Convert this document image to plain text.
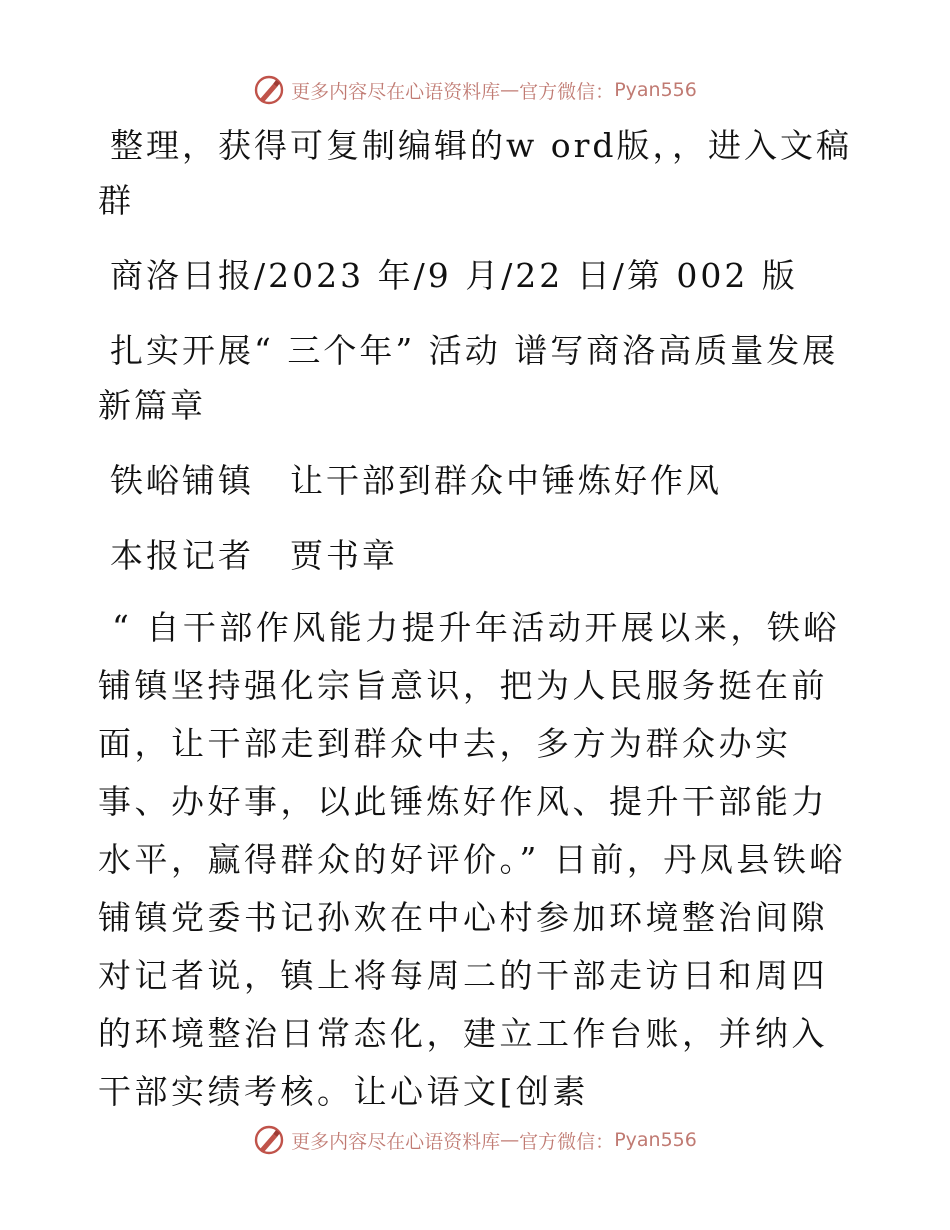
更多内容尽在心语资料库 — 官方微信： Pyan556

整理，获得可复制编辑的w ord版，，进入文稿群

商洛日报/2023 年/9 月/22 日/第 002 版

扎实开展“ 三个年” 活动 谱写商洛高质量发展新篇章

铁峪铺镇　让干部到群众中锤炼好作风

本报记者　贾书章

“ 自干部作风能力提升年活动开展以来，铁峪铺镇坚持强化宗旨意识，把为人民服务挺在前面，让干部走到群众中去，多方为群众办实事、办好事，以此锤炼好作风、提升干部能力水平，赢得群众的好评价。” 日前，丹凤县铁峪铺镇党委书记孙欢在中心村参加环境整治间隙对记者说，镇上将每周二的干部走访日和周四的环境整治日常态化，建立工作台账，并纳入干部实绩考核。让心语文[创素

更多内容尽在心语资料库 — 官方微信： Pyan556
